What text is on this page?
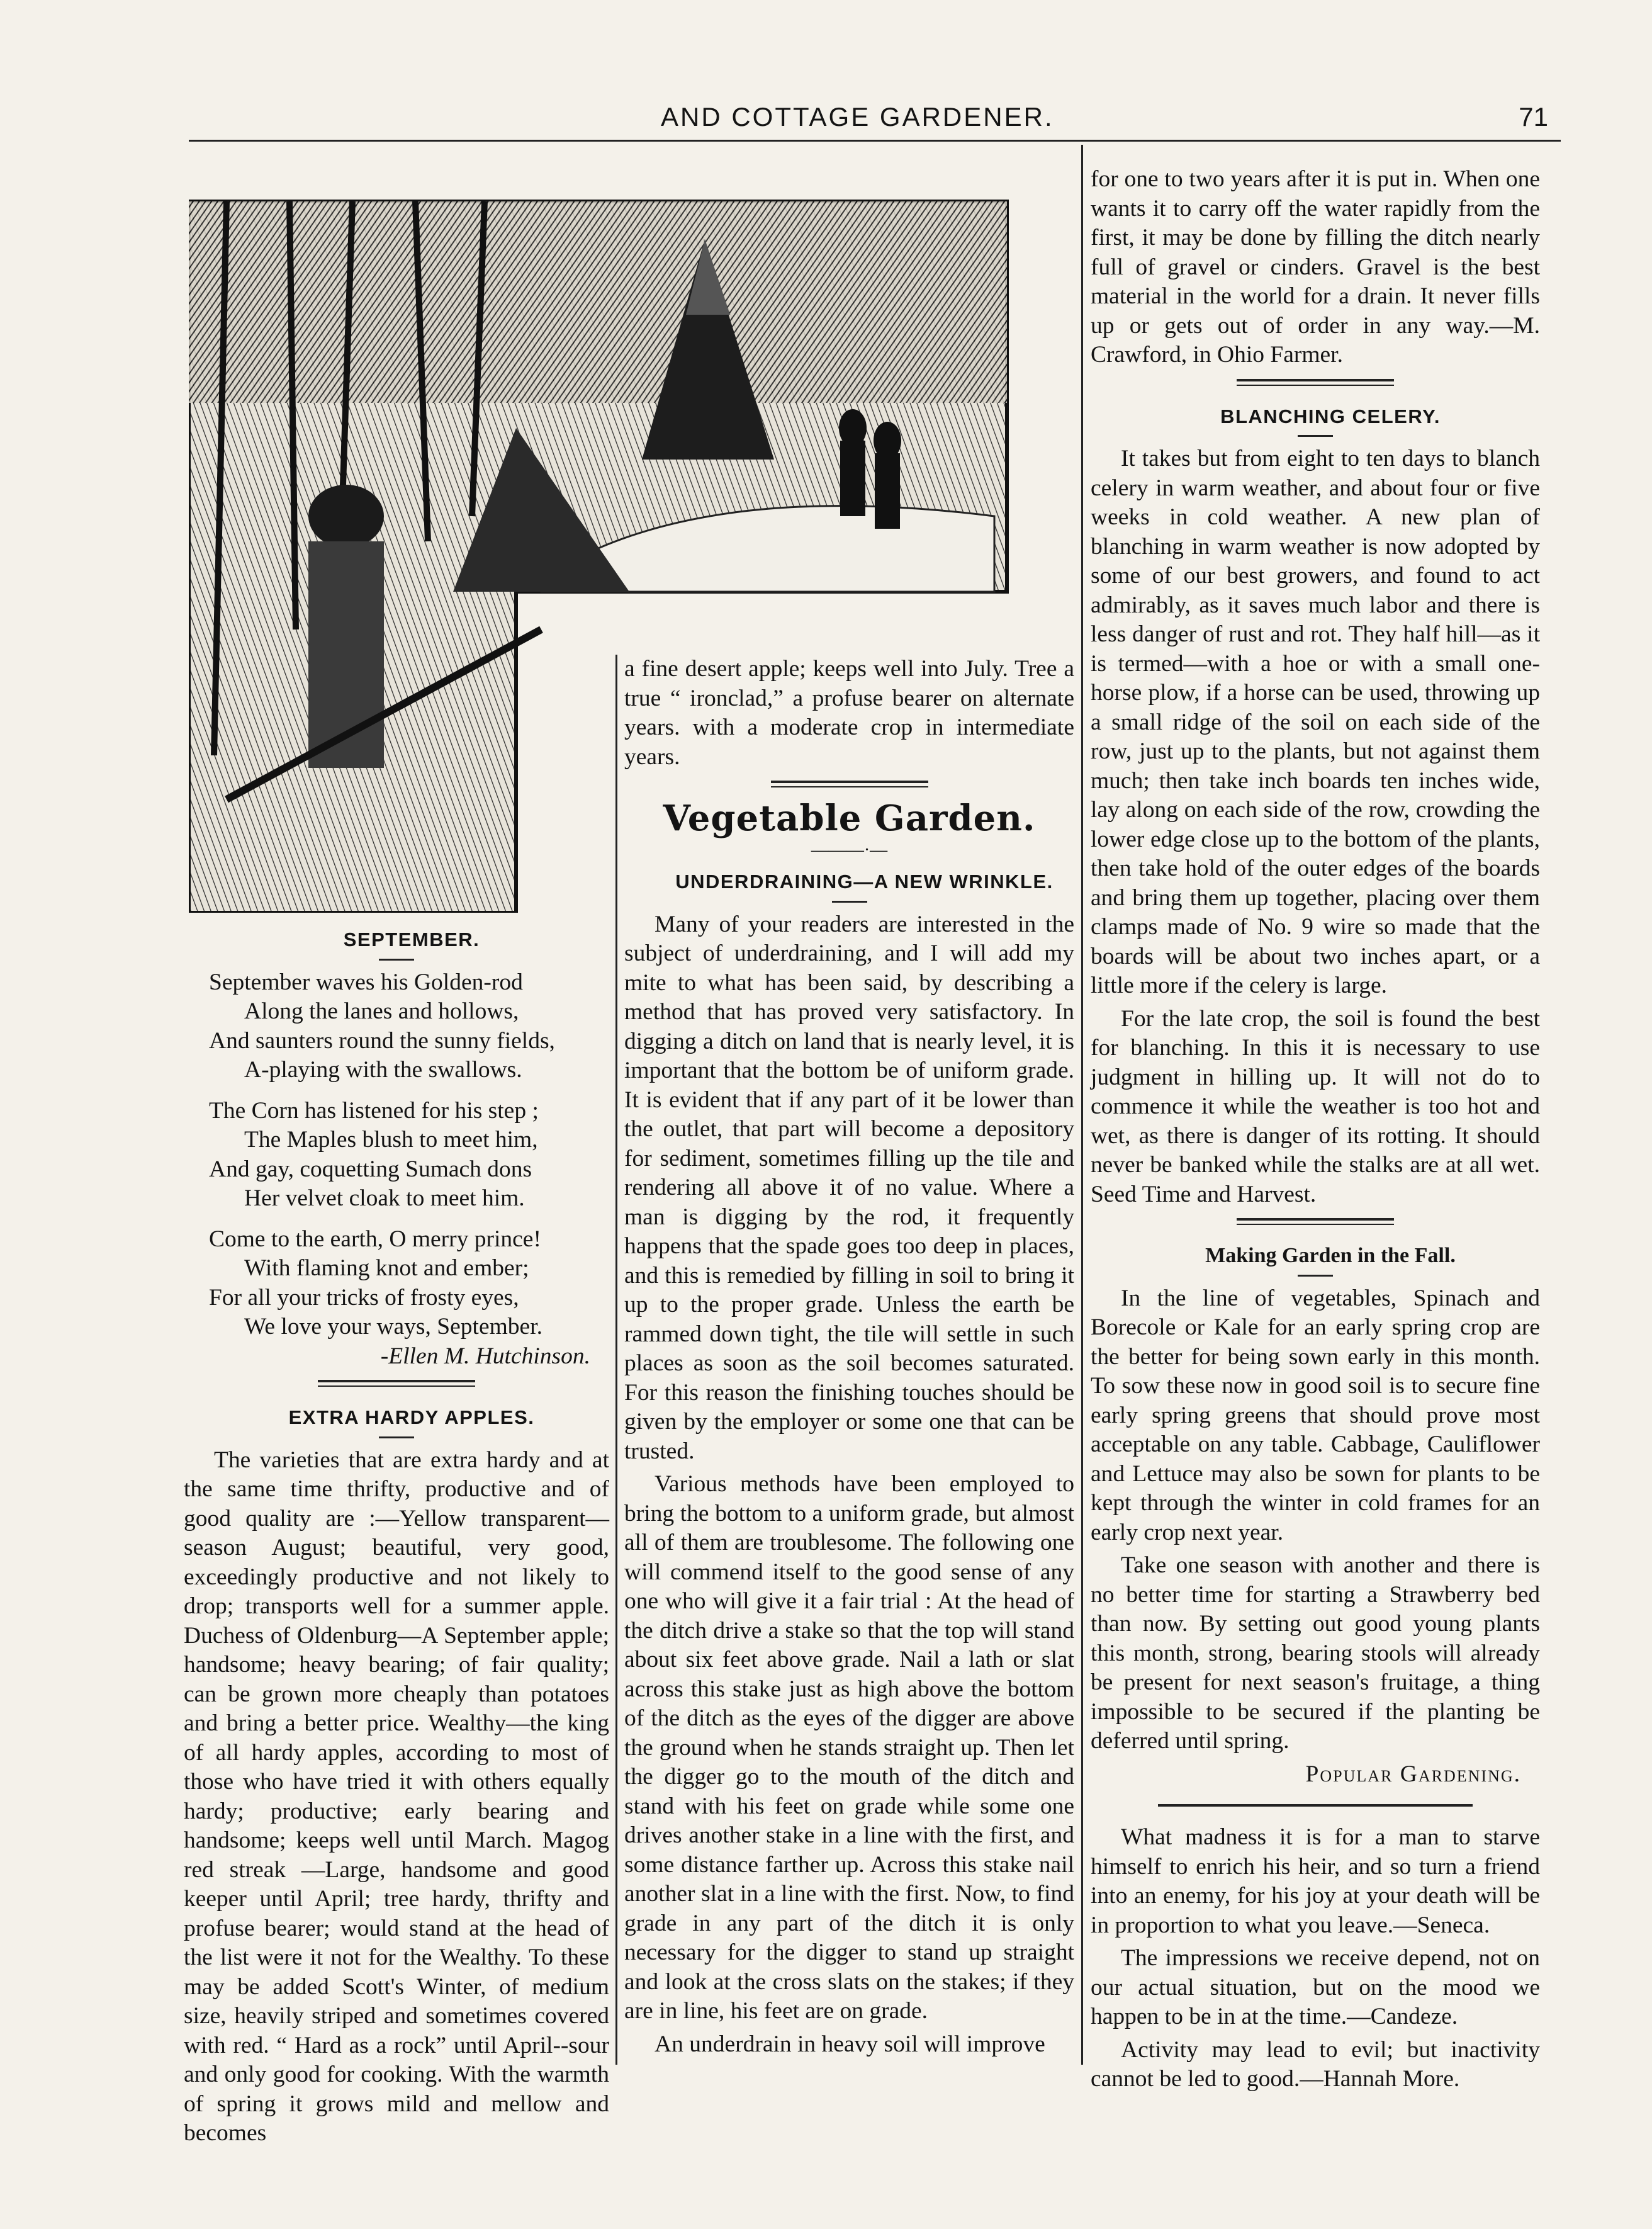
AND COTTAGE GARDENER.	71

SEPTEMBER.

September waves his Golden-rod
Along the lanes and hollows,
And saunters round the sunny fields,
A-playing with the swallows.
The Corn has listened for his step ;
The Maples blush to meet him,
And gay, coquetting Sumach dons
Her velvet cloak to meet him.
Come to the earth, O merry prince!
With flaming knot and ember;
For all your tricks of frosty eyes,
We love your ways, September.
-Ellen M. Hutchinson.

EXTRA HARDY APPLES.

The varieties that are extra hardy and at the same time thrifty, productive and of good quality are :—Yellow transparent—season August; beautiful, very good, exceedingly productive and not likely to drop; transports well for a summer apple. Duchess of Oldenburg—A September apple; handsome; heavy bearing; of fair quality; can be grown more cheaply than potatoes and bring a better price. Wealthy—the king of all hardy apples, according to most of those who have tried it with others equally hardy; productive; early bearing and handsome; keeps well until March. Magog red streak —Large, handsome and good keeper until April; tree hardy, thrifty and profuse bearer; would stand at the head of the list were it not for the Wealthy. To these may be added Scott's Winter, of medium size, heavily striped and sometimes covered with red. “ Hard as a rock” until April--sour and only good for cooking. With the warmth of spring it grows mild and mellow and becomes

a fine desert apple; keeps well into July. Tree a true “ ironclad,” a profuse bearer on alternate years. with a moderate crop in intermediate years.

Vegetable Garden.
———·—

UNDERDRAINING—A NEW WRINKLE.

Many of your readers are interested in the subject of underdraining, and I will add my mite to what has been said, by describing a method that has proved very satisfactory. In digging a ditch on land that is nearly level, it is important that the bottom be of uniform grade. It is evident that if any part of it be lower than the outlet, that part will become a depository for sediment, sometimes filling up the tile and rendering all above it of no value. Where a man is digging by the rod, it frequently happens that the spade goes too deep in places, and this is remedied by filling in soil to bring it up to the proper grade. Unless the earth be rammed down tight, the tile will settle in such places as soon as the soil becomes saturated. For this reason the finishing touches should be given by the employer or some one that can be trusted.

Various methods have been employed to bring the bottom to a uniform grade, but almost all of them are troublesome. The following one will commend itself to the good sense of any one who will give it a fair trial : At the head of the ditch drive a stake so that the top will stand about six feet above grade. Nail a lath or slat across this stake just as high above the bottom of the ditch as the eyes of the digger are above the ground when he stands straight up. Then let the digger go to the mouth of the ditch and stand with his feet on grade while some one drives another stake in a line with the first, and some distance farther up. Across this stake nail another slat in a line with the first. Now, to find grade in any part of the ditch it is only necessary for the digger to stand up straight and look at the cross slats on the stakes; if they are in line, his feet are on grade.

An underdrain in heavy soil will improve

for one to two years after it is put in. When one wants it to carry off the water rapidly from the first, it may be done by filling the ditch nearly full of gravel or cinders. Gravel is the best material in the world for a drain. It never fills up or gets out of order in any way.—M. Crawford, in Ohio Farmer.

BLANCHING CELERY.

It takes but from eight to ten days to blanch celery in warm weather, and about four or five weeks in cold weather. A new plan of blanching in warm weather is now adopted by some of our best growers, and found to act admirably, as it saves much labor and there is less danger of rust and rot. They half hill—as it is termed—with a hoe or with a small one-horse plow, if a horse can be used, throwing up a small ridge of the soil on each side of the row, just up to the plants, but not against them much; then take inch boards ten inches wide, lay along on each side of the row, crowding the lower edge close up to the bottom of the plants, then take hold of the outer edges of the boards and bring them up together, placing over them clamps made of No. 9 wire so made that the boards will be about two inches apart, or a little more if the celery is large.

For the late crop, the soil is found the best for blanching. In this it is necessary to use judgment in hilling up. It will not do to commence it while the weather is too hot and wet, as there is danger of its rotting. It should never be banked while the stalks are at all wet. Seed Time and Harvest.

Making Garden in the Fall.

In the line of vegetables, Spinach and Borecole or Kale for an early spring crop are the better for being sown early in this month. To sow these now in good soil is to secure fine early spring greens that should prove most acceptable on any table. Cabbage, Cauliflower and Lettuce may also be sown for plants to be kept through the winter in cold frames for an early crop next year.

Take one season with another and there is no better time for starting a Strawberry bed than now. By setting out good young plants this month, strong, bearing stools will already be present for next season's fruitage, a thing impossible to be secured if the planting be deferred until spring.

Popular Gardening.

What madness it is for a man to starve himself to enrich his heir, and so turn a friend into an enemy, for his joy at your death will be in proportion to what you leave.—Seneca.

The impressions we receive depend, not on our actual situation, but on the mood we happen to be in at the time.—Candeze.

Activity may lead to evil; but inactivity cannot be led to good.—Hannah More.
